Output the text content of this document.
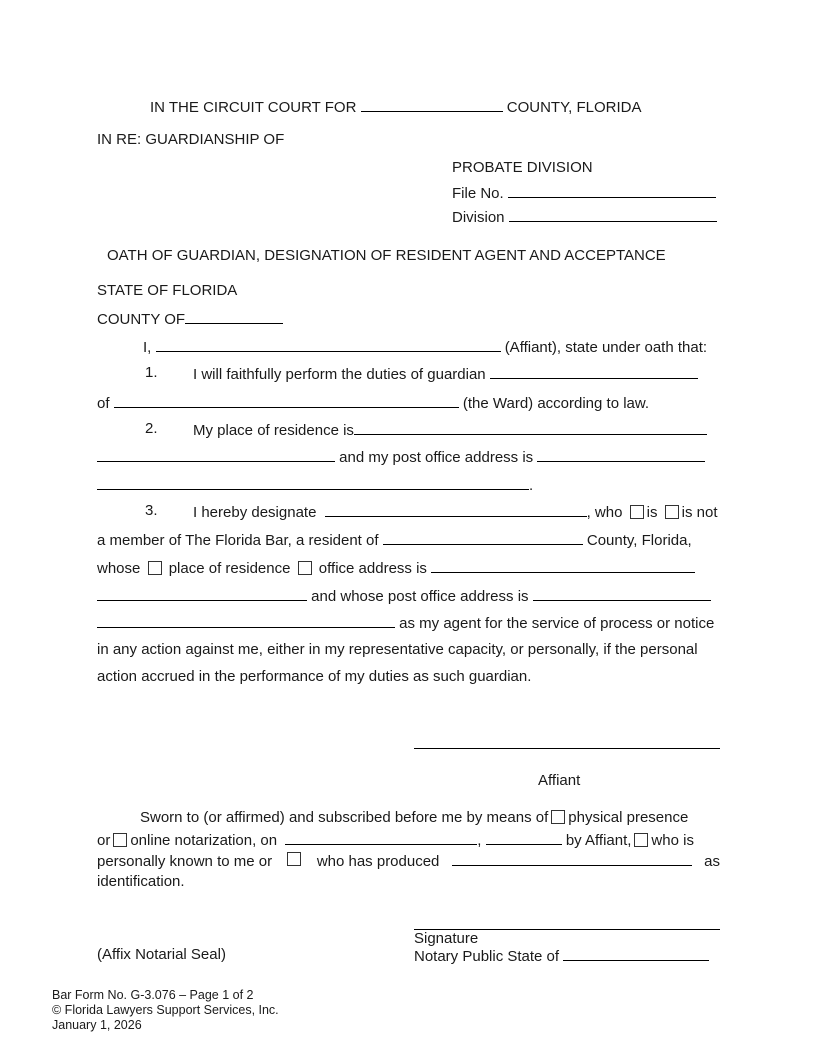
IN THE CIRCUIT COURT FOR	COUNTY, FLORIDA
IN RE: GUARDIANSHIP OF
PROBATE DIVISION
File No.
Division
OATH OF GUARDIAN, DESIGNATION OF RESIDENT AGENT AND ACCEPTANCE
STATE OF FLORIDA
COUNTY OF
I,	(Affiant), state under oath that:
1. I will faithfully perform the duties of guardian
of	(the Ward) according to law.
2. My place of residence is
and my post office address is
.
3. I hereby designate	, who is is not
a member of The Florida Bar, a resident of	County, Florida,
whose place of residence office address is
and whose post office address is
as my agent for the service of process or notice
in any action against me, either in my representative capacity, or personally, if the personal
action accrued in the performance of my duties as such guardian.
Affiant
Sworn to (or affirmed) and subscribed before me by means of physical presence
or online notarization, on	,	by Affiant, who is
personally known to me or	who has produced	as
identification.
Signature
Notary Public State of
(Affix Notarial Seal)
Bar Form No. G-3.076 – Page 1 of 2
© Florida Lawyers Support Services, Inc.
January 1, 2026
